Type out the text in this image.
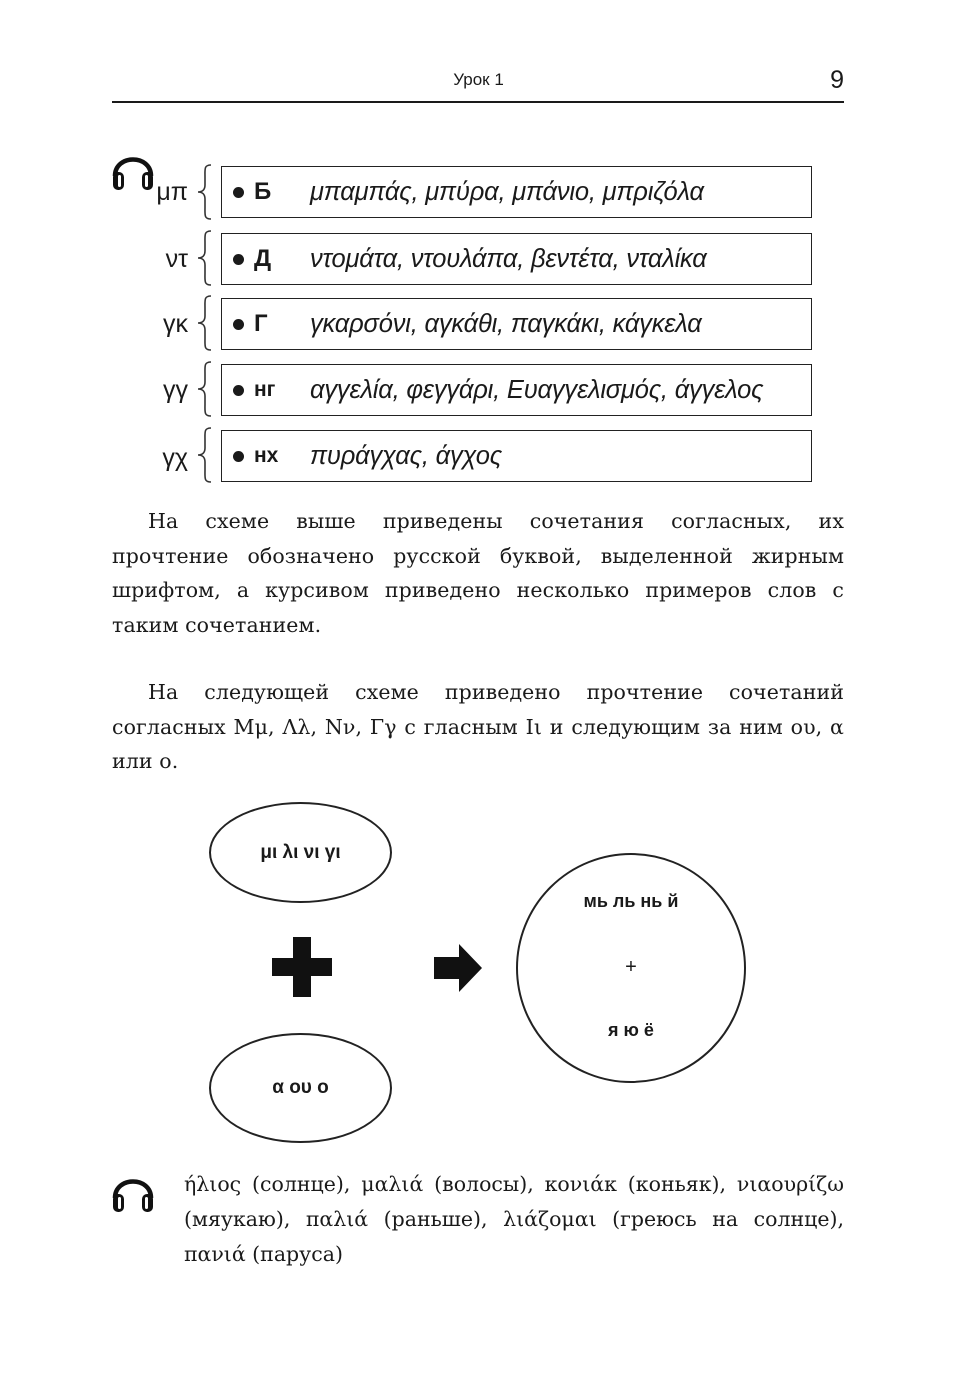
Урок 1	9
μπ	Б	μπαμπάς, μπύρα, μπάνιο, μπριζόλα
ντ	Д	ντομάτα, ντουλάπα, βεντέτα, νταλίκα
γκ	Г	γκαρσόνι, αγκάθι, παγκάκι, κάγκελα
γγ	нг	αγγελία, φεγγάρι, Ευαγγελισμός, άγγελος
γχ	нх	πυράγχας, άγχος

На схеме выше приведены сочетания согласных, их прочтение обозначено русской буквой, выделенной жирным шрифтом, а курсивом приведено несколько примеров слов с таким сочетанием.

На следующей схеме приведено прочтение сочетаний согласных Μμ, Λλ, Νν, Γγ с гласным Ιι и следующим за ним ου, α или ο.

μι λι νι γι
α ου ο
мь ль нь й
+
я ю ё
ήλιος (солнце), μαλιά (волосы), κονιάκ (коньяк), νιαουρίζω (мяукаю), παλιά (раньше), λιάζομαι (греюсь на солнце), πανιά (паруса)
